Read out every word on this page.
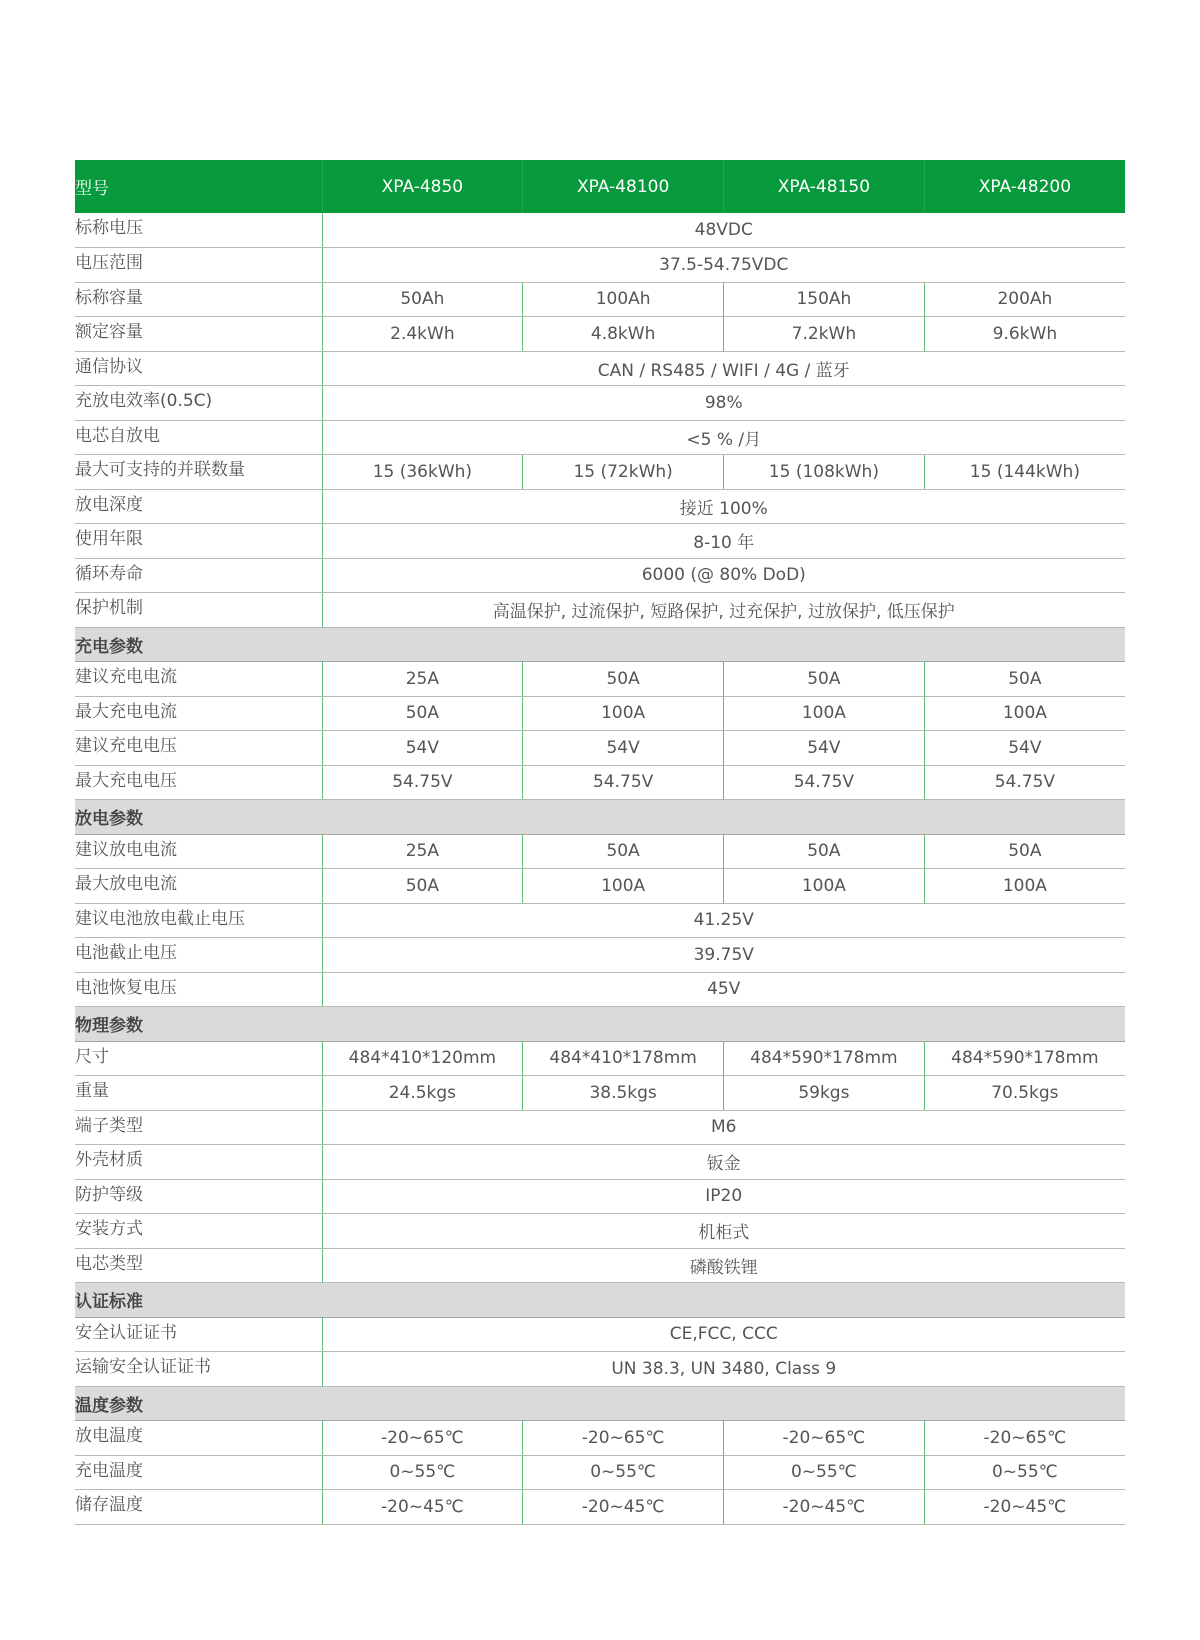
型号	XPA-4850	XPA-48100	XPA-48150	XPA-48200
标称电压	48VDC			
电压范围	37.5-54.75VDC			
标称容量	50Ah	100Ah	150Ah	200Ah
额定容量	2.4kWh	4.8kWh	7.2kWh	9.6kWh
通信协议	CAN / RS485 / WIFI / 4G / 蓝牙			
充放电效率(0.5C)	98%			
电芯自放电	<5 % /月			
最大可支持的并联数量	15 (36kWh)	15 (72kWh)	15 (108kWh)	15 (144kWh)
放电深度	接近 100%			
使用年限	8-10 年			
循环寿命	6000 (@ 80% DoD)			
保护机制	高温保护, 过流保护, 短路保护, 过充保护, 过放保护, 低压保护			
充电参数				
建议充电电流	25A	50A	50A	50A
最大充电电流	50A	100A	100A	100A
建议充电电压	54V	54V	54V	54V
最大充电电压	54.75V	54.75V	54.75V	54.75V
放电参数				
建议放电电流	25A	50A	50A	50A
最大放电电流	50A	100A	100A	100A
建议电池放电截止电压	41.25V			
电池截止电压	39.75V			
电池恢复电压	45V			
物理参数				
尺寸	484*410*120mm	484*410*178mm	484*590*178mm	484*590*178mm
重量	24.5kgs	38.5kgs	59kgs	70.5kgs
端子类型	M6			
外壳材质	钣金			
防护等级	IP20			
安装方式	机柜式			
电芯类型	磷酸铁锂			
认证标准				
安全认证证书	CE,FCC, CCC			
运输安全认证证书	UN 38.3, UN 3480, Class 9			
温度参数				
放电温度	-20~65℃	-20~65℃	-20~65℃	-20~65℃
充电温度	0~55℃	0~55℃	0~55℃	0~55℃
储存温度	-20~45℃	-20~45℃	-20~45℃	-20~45℃
